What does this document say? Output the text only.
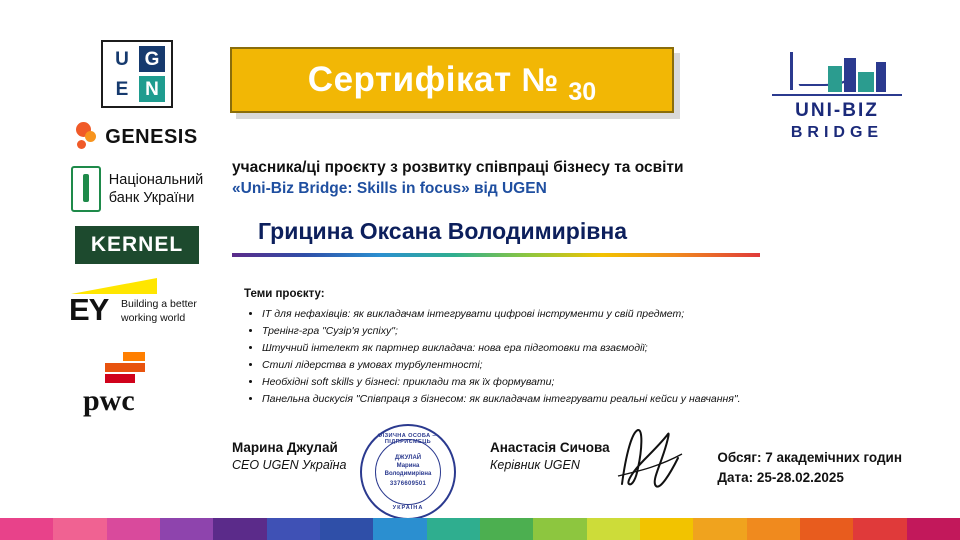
U G
E N
GENESIS
Національний
банк України
KERNEL
EY Building a better
working world
pwc
Сертифікат № 30
UNI-BIZ
BRIDGE
учасника/ці проєкту з розвитку співпраці бізнесу та освіти
«Uni-Biz Bridge: Skills in focus» від UGEN
Грицина Оксана Володимирівна
Теми проєкту:
• IT для нефахівців: як викладачам інтегрувати цифрові інструменти у свій предмет;
• Тренінг-гра "Сузір'я успіху";
• Штучний інтелект як партнер викладача: нова ера підготовки та взаємодії;
• Стилі лідерства в умовах турбулентності;
• Необхідні soft skills у бізнесі: приклади та як їх формувати;
• Панельна дискусія "Співпраця з бізнесом: як викладачам інтегрувати реальні кейси у навчання".
Марина Джулай
CEO UGEN Україна
Анастасія Сичова
Керівник UGEN
ФІЗИЧНА ОСОБА — ПІДПРИЄМЕЦЬ
ДЖУЛАЙ
Марина
Володимирівна
3376609501
УКРАЇНА
Обсяг: 7 академічних годин
Дата: 25-28.02.2025
